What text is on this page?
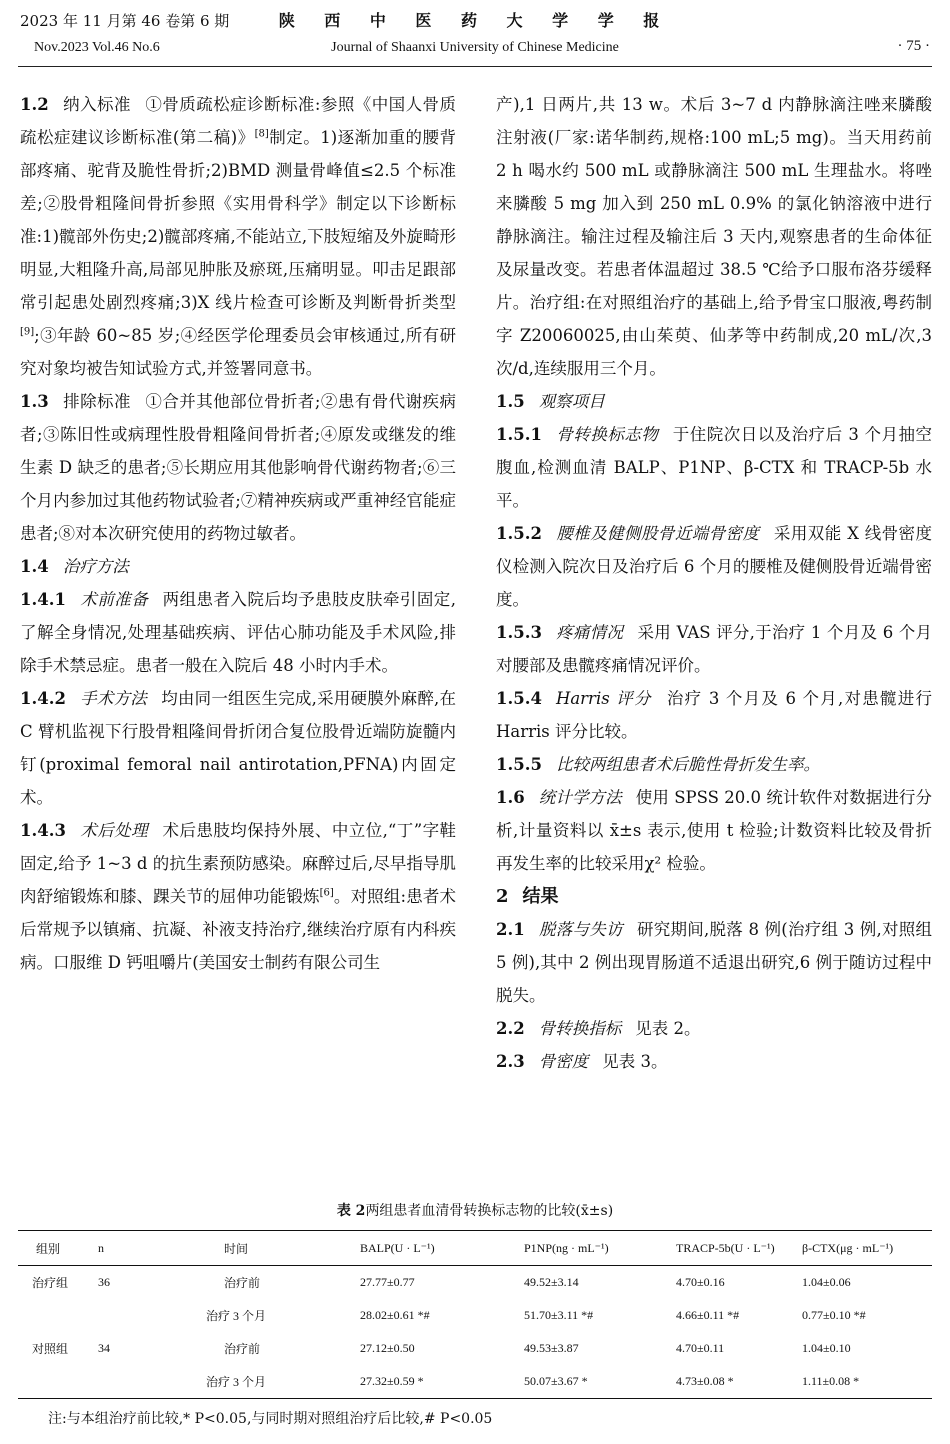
2023 年 11 月第 46 卷第 6 期	陕 西 中 医 药 大 学 学 报
Nov.2023 Vol.46 No.6	Journal of Shaanxi University of Chinese Medicine	· 75 ·

1.2 纳入标准 ①骨质疏松症诊断标准:参照《中国人骨质疏松症建议诊断标准(第二稿)》[8]制定。1)逐渐加重的腰背部疼痛、驼背及脆性骨折;2)BMD 测量骨峰值≤2.5 个标准差;②股骨粗隆间骨折参照《实用骨科学》制定以下诊断标准:1)髋部外伤史;2)髋部疼痛,不能站立,下肢短缩及外旋畸形明显,大粗隆升高,局部见肿胀及瘀斑,压痛明显。叩击足跟部常引起患处剧烈疼痛;3)X 线片检查可诊断及判断骨折类型[9];③年龄 60~85 岁;④经医学伦理委员会审核通过,所有研究对象均被告知试验方式,并签署同意书。

1.3 排除标准 ①合并其他部位骨折者;②患有骨代谢疾病者;③陈旧性或病理性股骨粗隆间骨折者;④原发或继发的维生素 D 缺乏的患者;⑤长期应用其他影响骨代谢药物者;⑥三个月内参加过其他药物试验者;⑦精神疾病或严重神经官能症患者;⑧对本次研究使用的药物过敏者。

1.4 治疗方法

1.4.1 术前准备 两组患者入院后均予患肢皮肤牵引固定,了解全身情况,处理基础疾病、评估心肺功能及手术风险,排除手术禁忌症。患者一般在入院后 48 小时内手术。

1.4.2 手术方法 均由同一组医生完成,采用硬膜外麻醉,在 C 臂机监视下行股骨粗隆间骨折闭合复位股骨近端防旋髓内钉(proximal femoral nail antirotation,PFNA)内固定术。

1.4.3 术后处理 术后患肢均保持外展、中立位,“丁”字鞋固定,给予 1~3 d 的抗生素预防感染。麻醉过后,尽早指导肌肉舒缩锻炼和膝、踝关节的屈伸功能锻炼[6]。对照组:患者术后常规予以镇痛、抗凝、补液支持治疗,继续治疗原有内科疾病。口服维 D 钙咀嚼片(美国安士制药有限公司生

产),1 日两片,共 13 w。术后 3~7 d 内静脉滴注唑来膦酸注射液(厂家:诺华制药,规格:100 mL;5 mg)。当天用药前 2 h 喝水约 500 mL 或静脉滴注 500 mL 生理盐水。将唑来膦酸 5 mg 加入到 250 mL 0.9% 的氯化钠溶液中进行静脉滴注。输注过程及输注后 3 天内,观察患者的生命体征及尿量改变。若患者体温超过 38.5 ℃给予口服布洛芬缓释片。治疗组:在对照组治疗的基础上,给予骨宝口服液,粤药制字 Z20060025,由山茱萸、仙茅等中药制成,20 mL/次,3 次/d,连续服用三个月。

1.5 观察项目

1.5.1 骨转换标志物 于住院次日以及治疗后 3 个月抽空腹血,检测血清 BALP、P1NP、β-CTX 和 TRACP-5b 水平。

1.5.2 腰椎及健侧股骨近端骨密度 采用双能 X 线骨密度仪检测入院次日及治疗后 6 个月的腰椎及健侧股骨近端骨密度。

1.5.3 疼痛情况 采用 VAS 评分,于治疗 1 个月及 6 个月对腰部及患髋疼痛情况评价。

1.5.4 Harris 评分 治疗 3 个月及 6 个月,对患髋进行 Harris 评分比较。

1.5.5 比较两组患者术后脆性骨折发生率。

1.6 统计学方法 使用 SPSS 20.0 统计软件对数据进行分析,计量资料以 x̄±s 表示,使用 t 检验;计数资料比较及骨折再发生率的比较采用χ² 检验。

2 结果

2.1 脱落与失访 研究期间,脱落 8 例(治疗组 3 例,对照组 5 例),其中 2 例出现胃肠道不适退出研究,6 例于随访过程中脱失。

2.2 骨转换指标 见表 2。

2.3 骨密度 见表 3。

表 2两组患者血清骨转换标志物的比较(x̄±s)
组别	n	时间	BALP(U · L⁻¹)	P1NP(ng · mL⁻¹)	TRACP-5b(U · L⁻¹)	β-CTX(μg · mL⁻¹)
治疗组	36	治疗前	27.77±0.77	49.52±3.14	4.70±0.16	1.04±0.06
		治疗 3 个月	28.02±0.61 *#	51.70±3.11 *#	4.66±0.11 *#	0.77±0.10 *#
对照组	34	治疗前	27.12±0.50	49.53±3.87	4.70±0.11	1.04±0.10
		治疗 3 个月	27.32±0.59 *	50.07±3.67 *	4.73±0.08 *	1.11±0.08 *
注:与本组治疗前比较,* P<0.05,与同时期对照组治疗后比较,# P<0.05
